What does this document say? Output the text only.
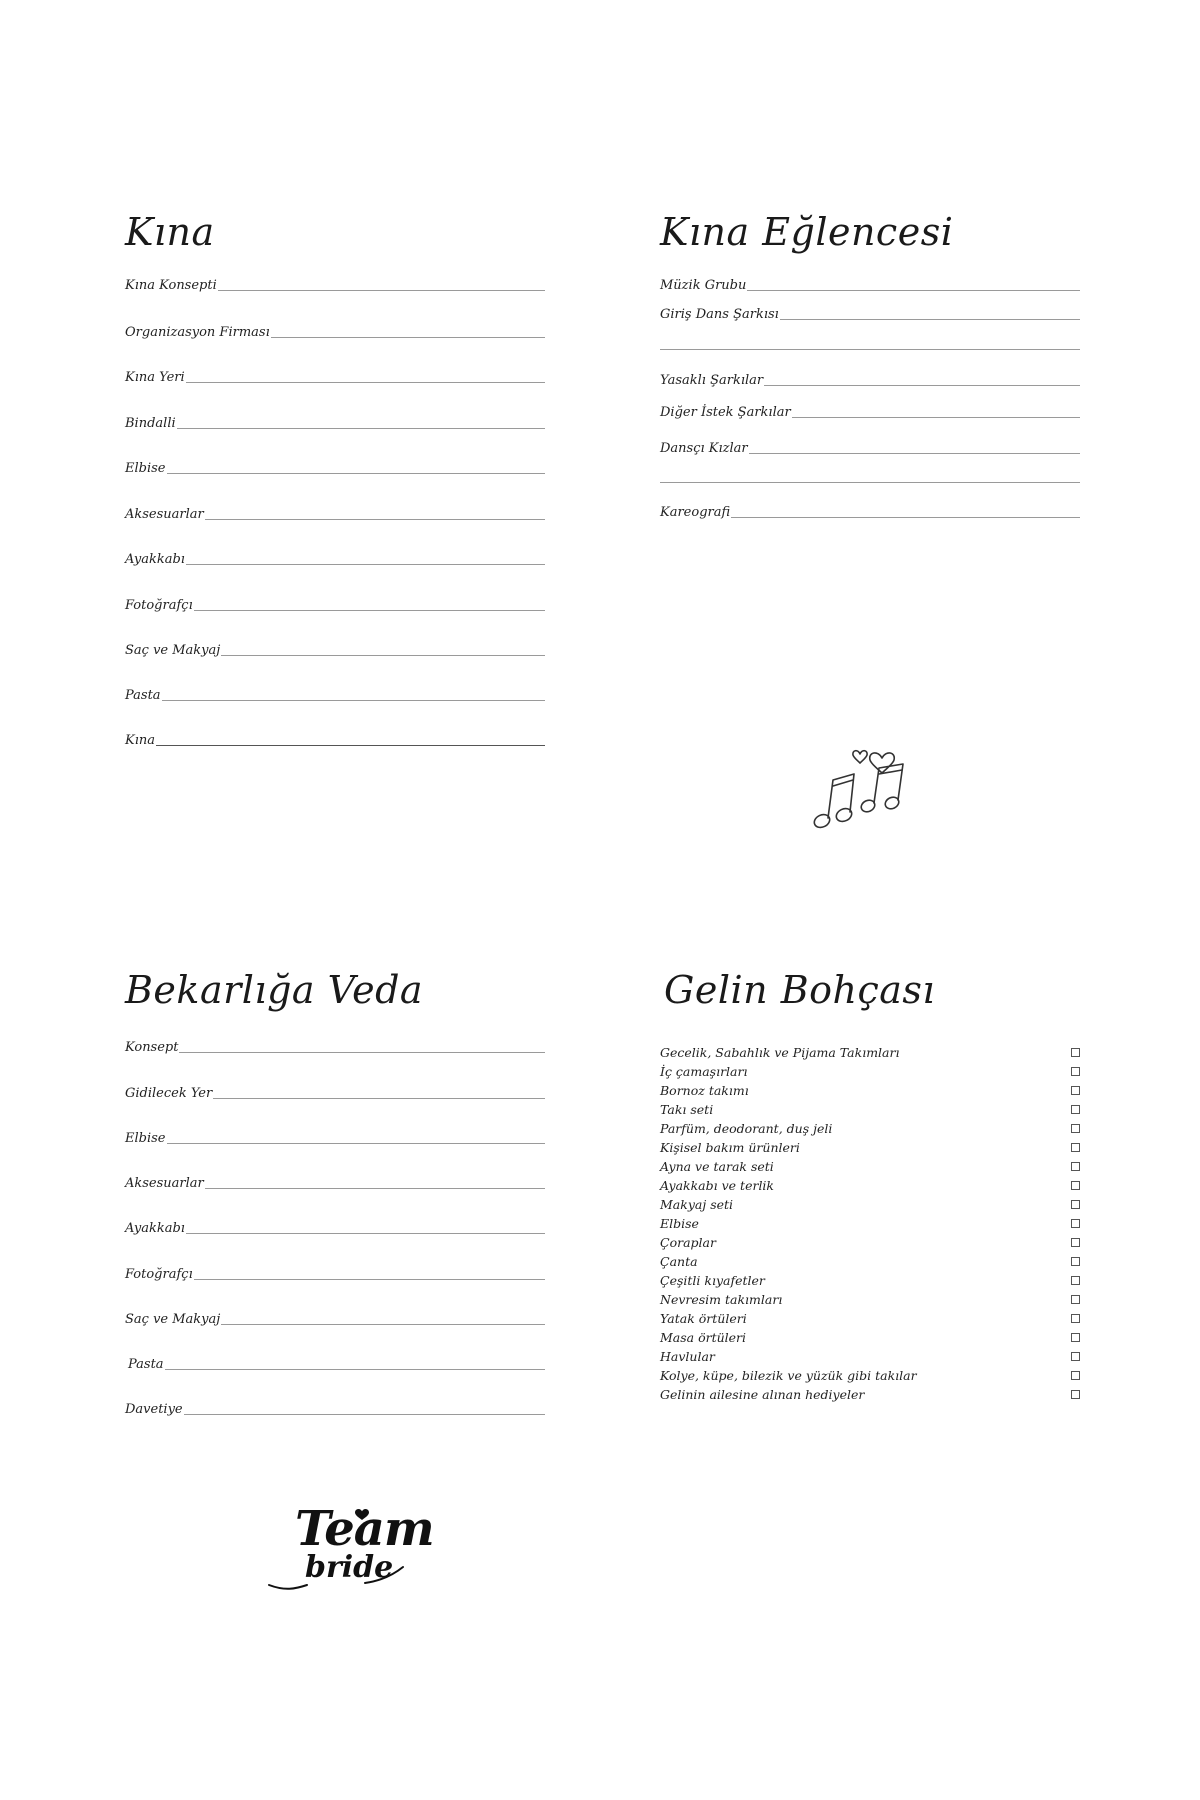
Kına
Kına Konsepti
Organizasyon Firması
Kına Yeri
Bindalli
Elbise
Aksesuarlar
Ayakkabı
Fotoğrafçı
Saç ve Makyaj
Pasta
Kına
Kına Eğlencesi
Müzik Grubu
Giriş Dans Şarkısı
Yasaklı Şarkılar
Diğer İstek Şarkılar
Dansçı Kızlar
Kareografi
Bekarlığa Veda
Konsept
Gidilecek Yer
Elbise
Aksesuarlar
Ayakkabı
Fotoğrafçı
Saç ve Makyaj
Pasta
Davetiye
Gelin Bohçası
Gecelik, Sabahlık ve Pijama Takımları
İç çamaşırları
Bornoz takımı
Takı seti
Parfüm, deodorant, duş jeli
Kişisel bakım ürünleri
Ayna ve tarak seti
Ayakkabı ve terlik
Makyaj seti
Elbise
Çoraplar
Çanta
Çeşitli kıyafetler
Nevresim takımları
Yatak örtüleri
Masa örtüleri
Havlular
Kolye, küpe, bilezik ve yüzük gibi takılar
Gelinin ailesine alınan hediyeler
Team
bride
